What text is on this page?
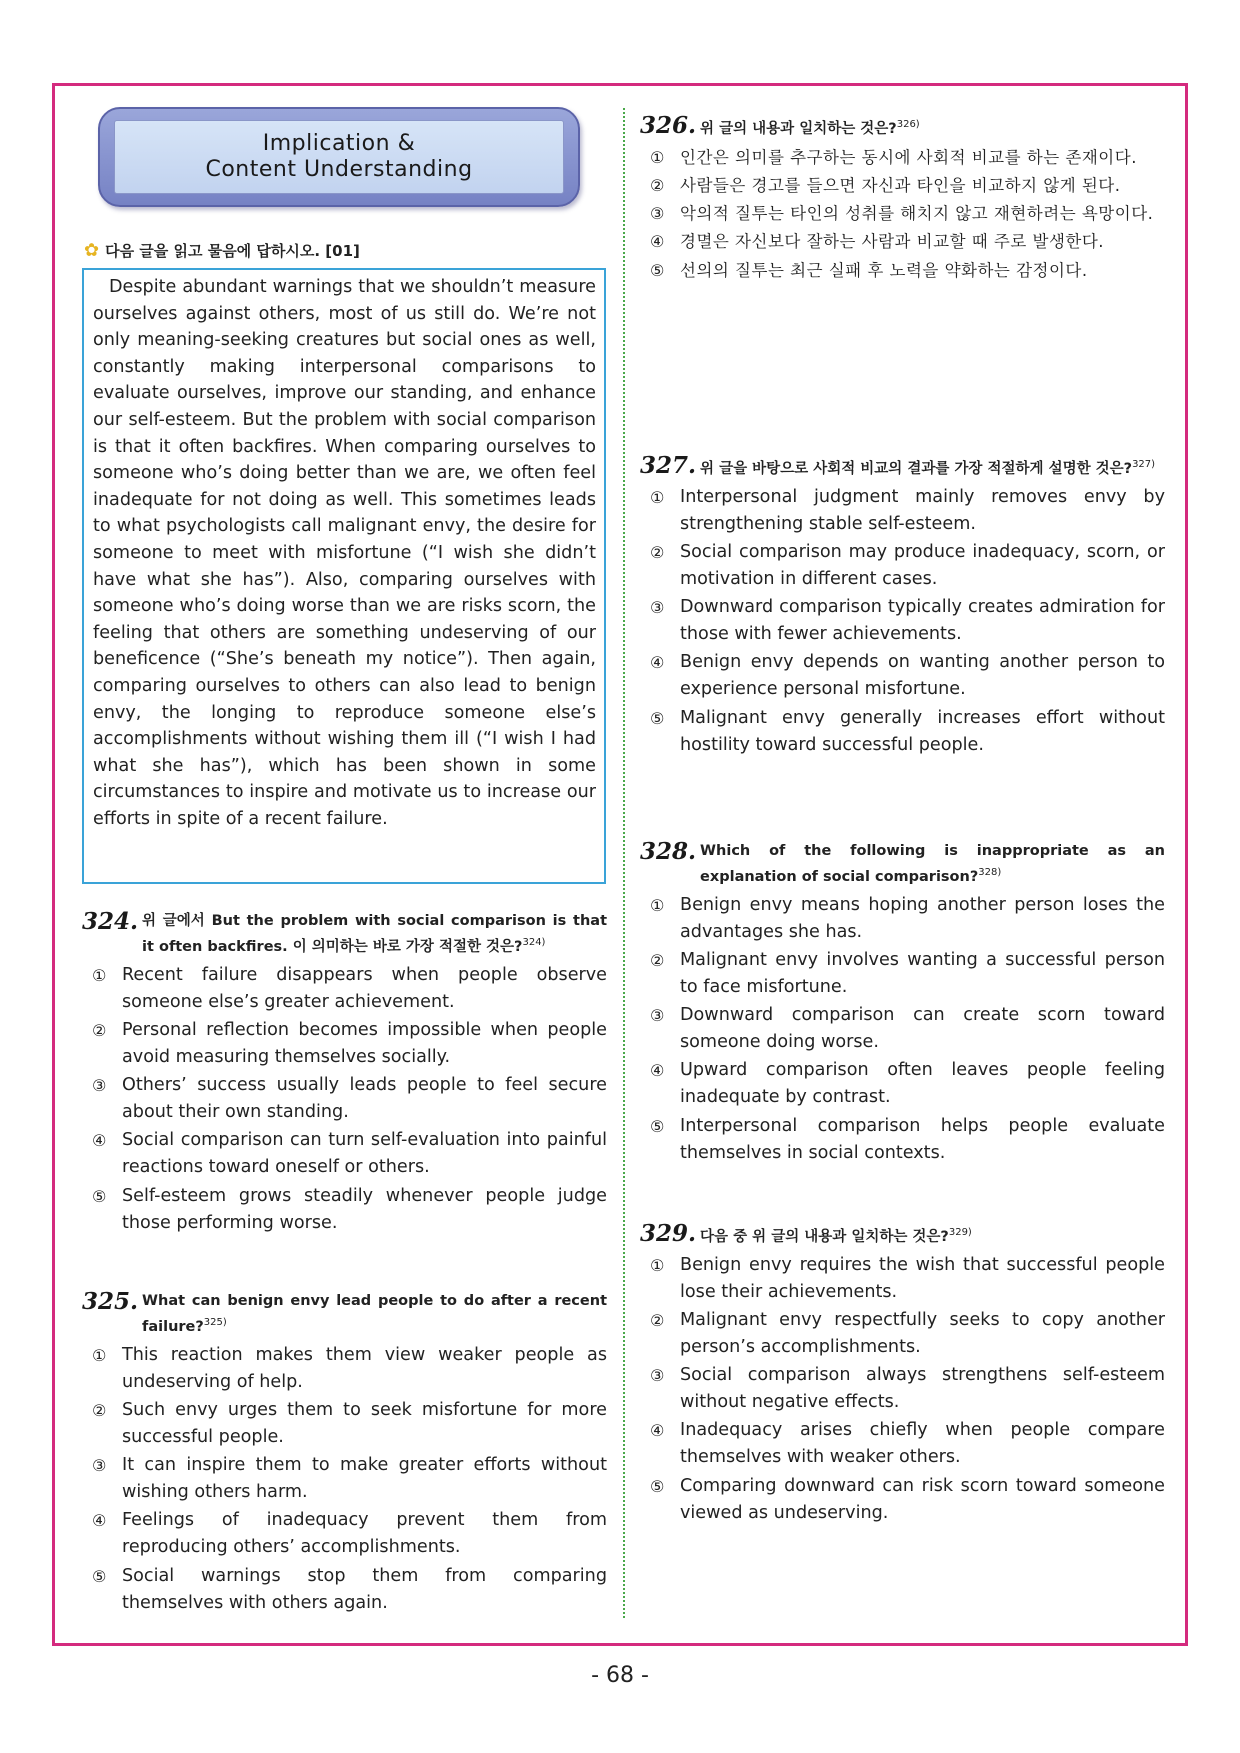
Implication &
Content Understanding
✿ 다음 글을 읽고 물음에 답하시오. [01]

Despite abundant warnings that we shouldn’t measure ourselves against others, most of us still do. We’re not only meaning-seeking creatures but social ones as well, constantly making interpersonal comparisons to evaluate ourselves, improve our standing, and enhance our self-esteem. But the problem with social comparison is that it often backfires. When comparing ourselves to someone who’s doing better than we are, we often feel inadequate for not doing as well. This sometimes leads to what psychologists call malignant envy, the desire for someone to meet with misfortune (“I wish she didn’t have what she has”). Also, comparing ourselves with someone who’s doing worse than we are risks scorn, the feeling that others are something undeserving of our beneficence (“She’s beneath my notice”). Then again, comparing ourselves to others can also lead to benign envy, the longing to reproduce someone else’s accomplishments without wishing them ill (“I wish I had what she has”), which has been shown in some circumstances to inspire and motivate us to increase our efforts in spite of a recent failure.

324. 위 글에서 But the problem with social comparison is that it often backfires. 이 의미하는 바로 가장 적절한 것은?$^{324)}$
① Recent failure disappears when people observe someone else’s greater achievement.
② Personal reflection becomes impossible when people avoid measuring themselves socially.
③ Others’ success usually leads people to feel secure about their own standing.
④ Social comparison can turn self-evaluation into painful reactions toward oneself or others.
⑤ Self-esteem grows steadily whenever people judge those performing worse.
325. What can benign envy lead people to do after a recent failure?$^{325)}$
① This reaction makes them view weaker people as undeserving of help.
② Such envy urges them to seek misfortune for more successful people.
③ It can inspire them to make greater efforts without wishing others harm.
④ Feelings of inadequacy prevent them from reproducing others’ accomplishments.
⑤ Social warnings stop them from comparing themselves with others again.
326. 위 글의 내용과 일치하는 것은?$^{326)}$
① 인간은 의미를 추구하는 동시에 사회적 비교를 하는 존재이다.
② 사람들은 경고를 들으면 자신과 타인을 비교하지 않게 된다.
③ 악의적 질투는 타인의 성취를 해치지 않고 재현하려는 욕망이다.
④ 경멸은 자신보다 잘하는 사람과 비교할 때 주로 발생한다.
⑤ 선의의 질투는 최근 실패 후 노력을 약화하는 감정이다.
327. 위 글을 바탕으로 사회적 비교의 결과를 가장 적절하게 설명한 것은?$^{327)}$
① Interpersonal judgment mainly removes envy by strengthening stable self-esteem.
② Social comparison may produce inadequacy, scorn, or motivation in different cases.
③ Downward comparison typically creates admiration for those with fewer achievements.
④ Benign envy depends on wanting another person to experience personal misfortune.
⑤ Malignant envy generally increases effort without hostility toward successful people.
328. Which of the following is inappropriate as an explanation of social comparison?$^{328)}$
① Benign envy means hoping another person loses the advantages she has.
② Malignant envy involves wanting a successful person to face misfortune.
③ Downward comparison can create scorn toward someone doing worse.
④ Upward comparison often leaves people feeling inadequate by contrast.
⑤ Interpersonal comparison helps people evaluate themselves in social contexts.
329. 다음 중 위 글의 내용과 일치하는 것은?$^{329)}$
① Benign envy requires the wish that successful people lose their achievements.
② Malignant envy respectfully seeks to copy another person’s accomplishments.
③ Social comparison always strengthens self-esteem without negative effects.
④ Inadequacy arises chiefly when people compare themselves with weaker others.
⑤ Comparing downward can risk scorn toward someone viewed as undeserving.
- 68 -
